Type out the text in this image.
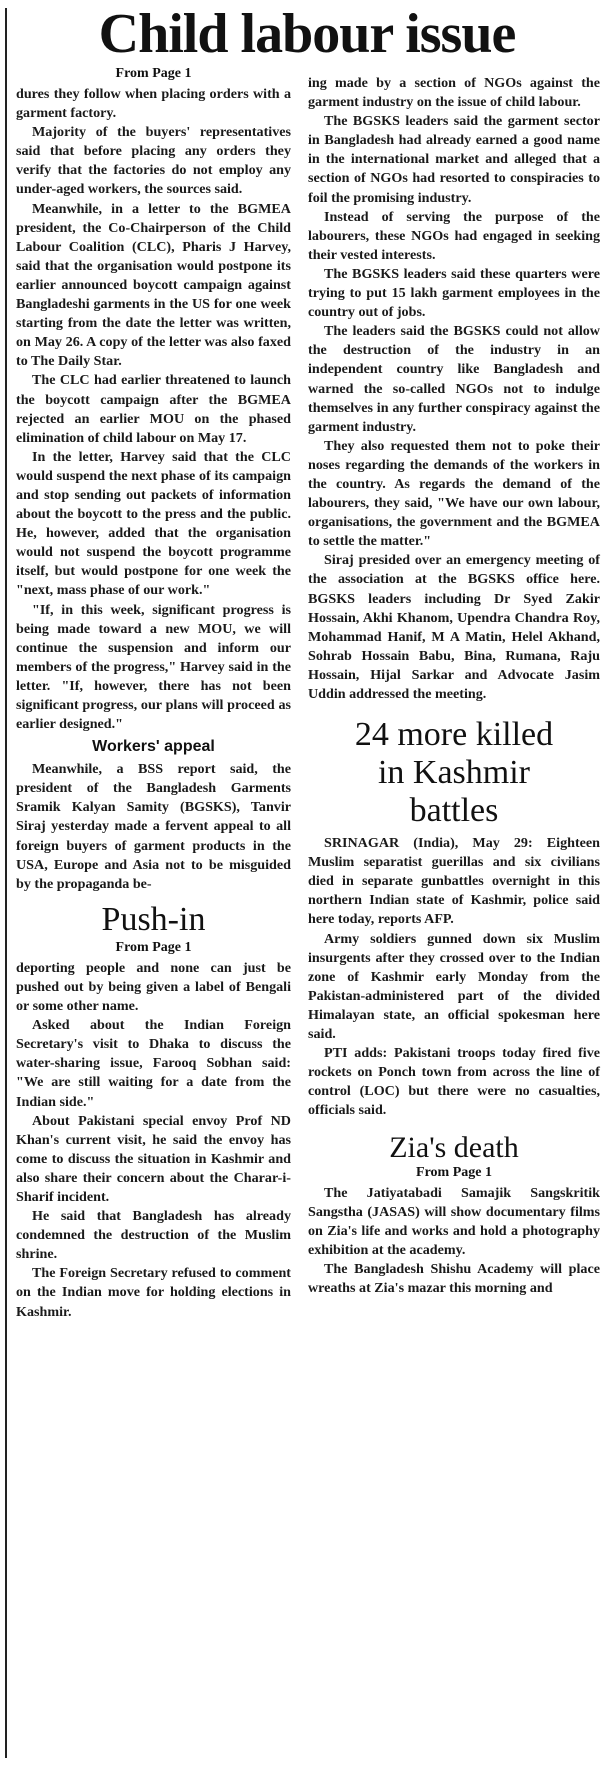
Child labour issue
From Page 1

dures they follow when placing orders with a garment factory.

Majority of the buyers' representatives said that before placing any orders they verify that the factories do not employ any under-aged workers, the sources said.

Meanwhile, in a letter to the BGMEA president, the Co-Chairperson of the Child Labour Coalition (CLC), Pharis J Harvey, said that the organisation would postpone its earlier announced boycott campaign against Bangladeshi garments in the US for one week starting from the date the letter was written, on May 26. A copy of the letter was also faxed to The Daily Star.

The CLC had earlier threatened to launch the boycott campaign after the BGMEA rejected an earlier MOU on the phased elimination of child labour on May 17.

In the letter, Harvey said that the CLC would suspend the next phase of its campaign and stop sending out packets of information about the boycott to the press and the public. He, however, added that the organisation would not suspend the boycott programme itself, but would postpone for one week the "next, mass phase of our work."

"If, in this week, significant progress is being made toward a new MOU, we will continue the suspension and inform our members of the progress," Harvey said in the letter. "If, however, there has not been significant progress, our plans will proceed as earlier designed."

Workers' appeal

Meanwhile, a BSS report said, the president of the Bangladesh Garments Sramik Kalyan Samity (BGSKS), Tanvir Siraj yesterday made a fervent appeal to all foreign buyers of garment products in the USA, Europe and Asia not to be misguided by the propaganda be-

Push-in
From Page 1

deporting people and none can just be pushed out by being given a label of Bengali or some other name.

Asked about the Indian Foreign Secretary's visit to Dhaka to discuss the water-sharing issue, Farooq Sobhan said: "We are still waiting for a date from the Indian side."

About Pakistani special envoy Prof ND Khan's current visit, he said the envoy has come to discuss the situation in Kashmir and also share their concern about the Charar-i-Sharif incident.

He said that Bangladesh has already condemned the destruction of the Muslim shrine.

The Foreign Secretary refused to comment on the Indian move for holding elections in Kashmir.

ing made by a section of NGOs against the garment industry on the issue of child labour.

The BGSKS leaders said the garment sector in Bangladesh had already earned a good name in the international market and alleged that a section of NGOs had resorted to conspiracies to foil the promising industry.

Instead of serving the purpose of the labourers, these NGOs had engaged in seeking their vested interests.

The BGSKS leaders said these quarters were trying to put 15 lakh garment employees in the country out of jobs.

The leaders said the BGSKS could not allow the destruction of the industry in an independent country like Bangladesh and warned the so-called NGOs not to indulge themselves in any further conspiracy against the garment industry.

They also requested them not to poke their noses regarding the demands of the workers in the country. As regards the demand of the labourers, they said, "We have our own labour, organisations, the government and the BGMEA to settle the matter."

Siraj presided over an emergency meeting of the association at the BGSKS office here. BGSKS leaders including Dr Syed Zakir Hossain, Akhi Khanom, Upendra Chandra Roy, Mohammad Hanif, M A Matin, Helel Akhand, Sohrab Hossain Babu, Bina, Rumana, Raju Hossain, Hijal Sarkar and Advocate Jasim Uddin addressed the meeting.

24 more killed
in Kashmir
battles

SRINAGAR (India), May 29: Eighteen Muslim separatist guerillas and six civilians died in separate gunbattles overnight in this northern Indian state of Kashmir, police said here today, reports AFP.

Army soldiers gunned down six Muslim insurgents after they crossed over to the Indian zone of Kashmir early Monday from the Pakistan-administered part of the divided Himalayan state, an official spokesman here said.

PTI adds: Pakistani troops today fired five rockets on Ponch town from across the line of control (LOC) but there were no casualties, officials said.

Zia's death
From Page 1

The Jatiyatabadi Samajik Sangskritik Sangstha (JASAS) will show documentary films on Zia's life and works and hold a photography exhibition at the academy.

The Bangladesh Shishu Academy will place wreaths at Zia's mazar this morning and
